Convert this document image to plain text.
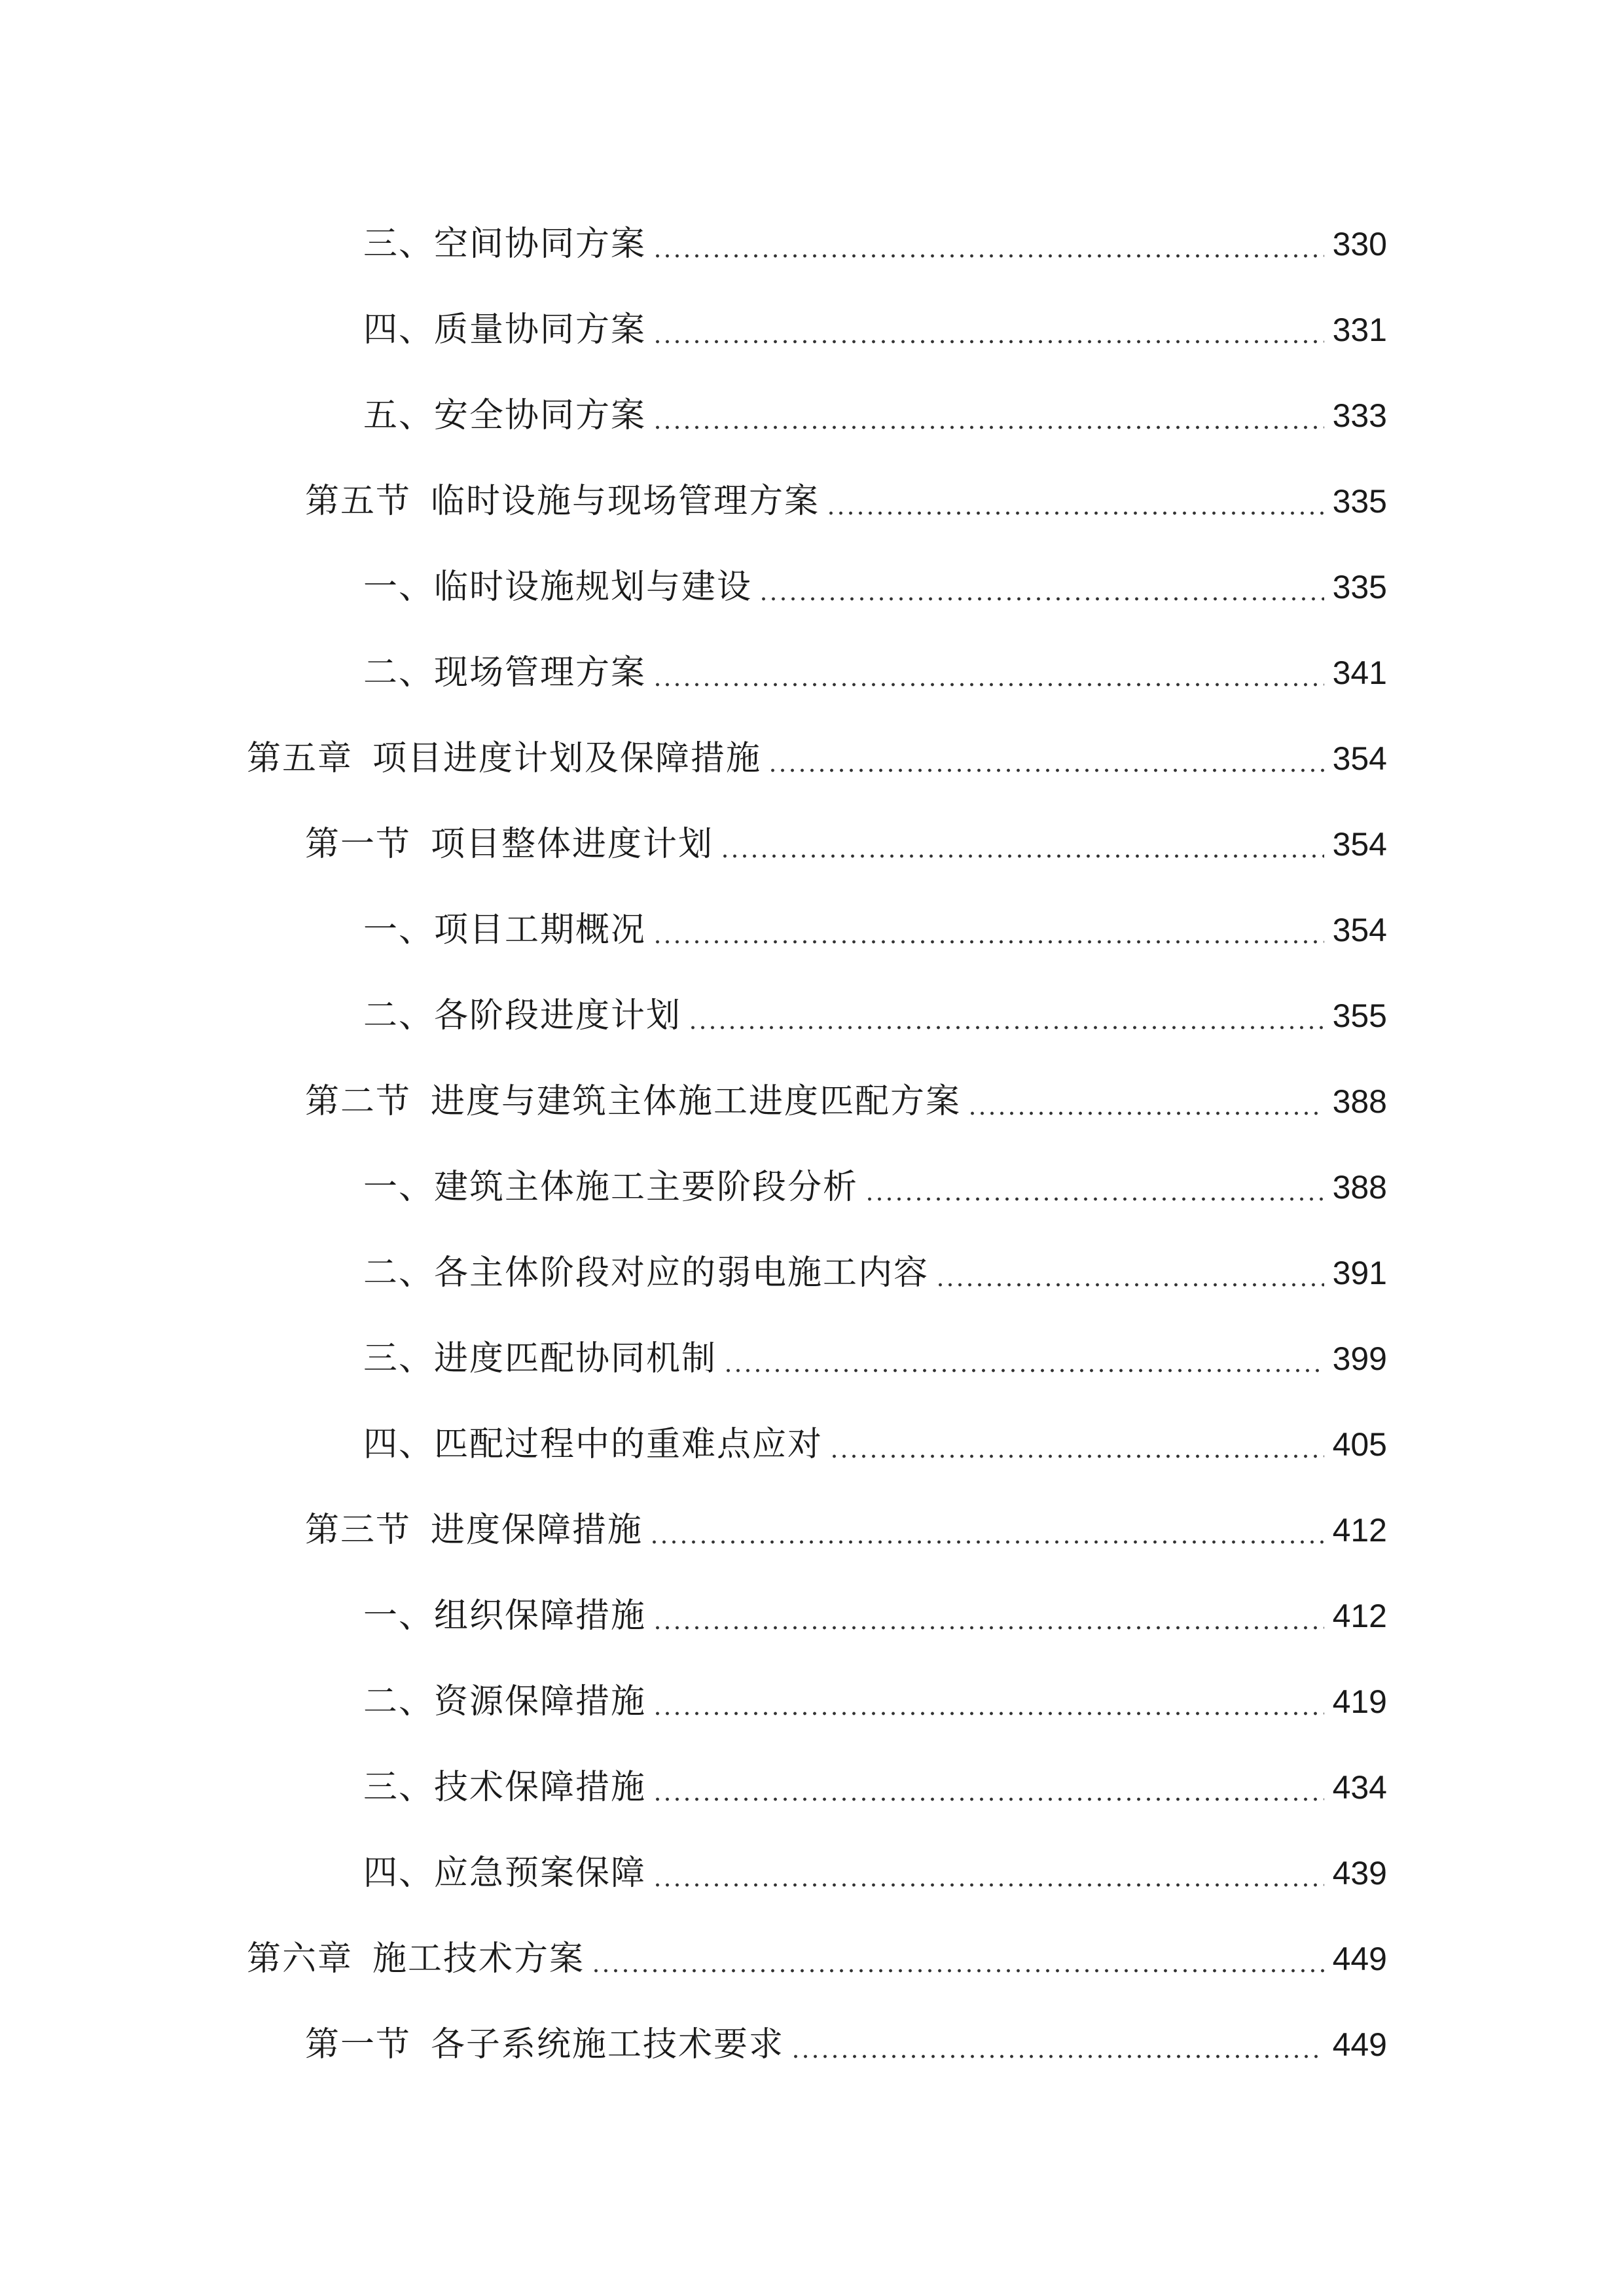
三、空间协同方案	330
四、质量协同方案	331
五、安全协同方案	333
第五节 临时设施与现场管理方案	335
一、临时设施规划与建设	335
二、现场管理方案	341
第五章 项目进度计划及保障措施	354
第一节 项目整体进度计划	354
一、项目工期概况	354
二、各阶段进度计划	355
第二节 进度与建筑主体施工进度匹配方案	388
一、建筑主体施工主要阶段分析	388
二、各主体阶段对应的弱电施工内容	391
三、进度匹配协同机制	399
四、匹配过程中的重难点应对	405
第三节 进度保障措施	412
一、组织保障措施	412
二、资源保障措施	419
三、技术保障措施	434
四、应急预案保障	439
第六章 施工技术方案	449
第一节 各子系统施工技术要求	449
